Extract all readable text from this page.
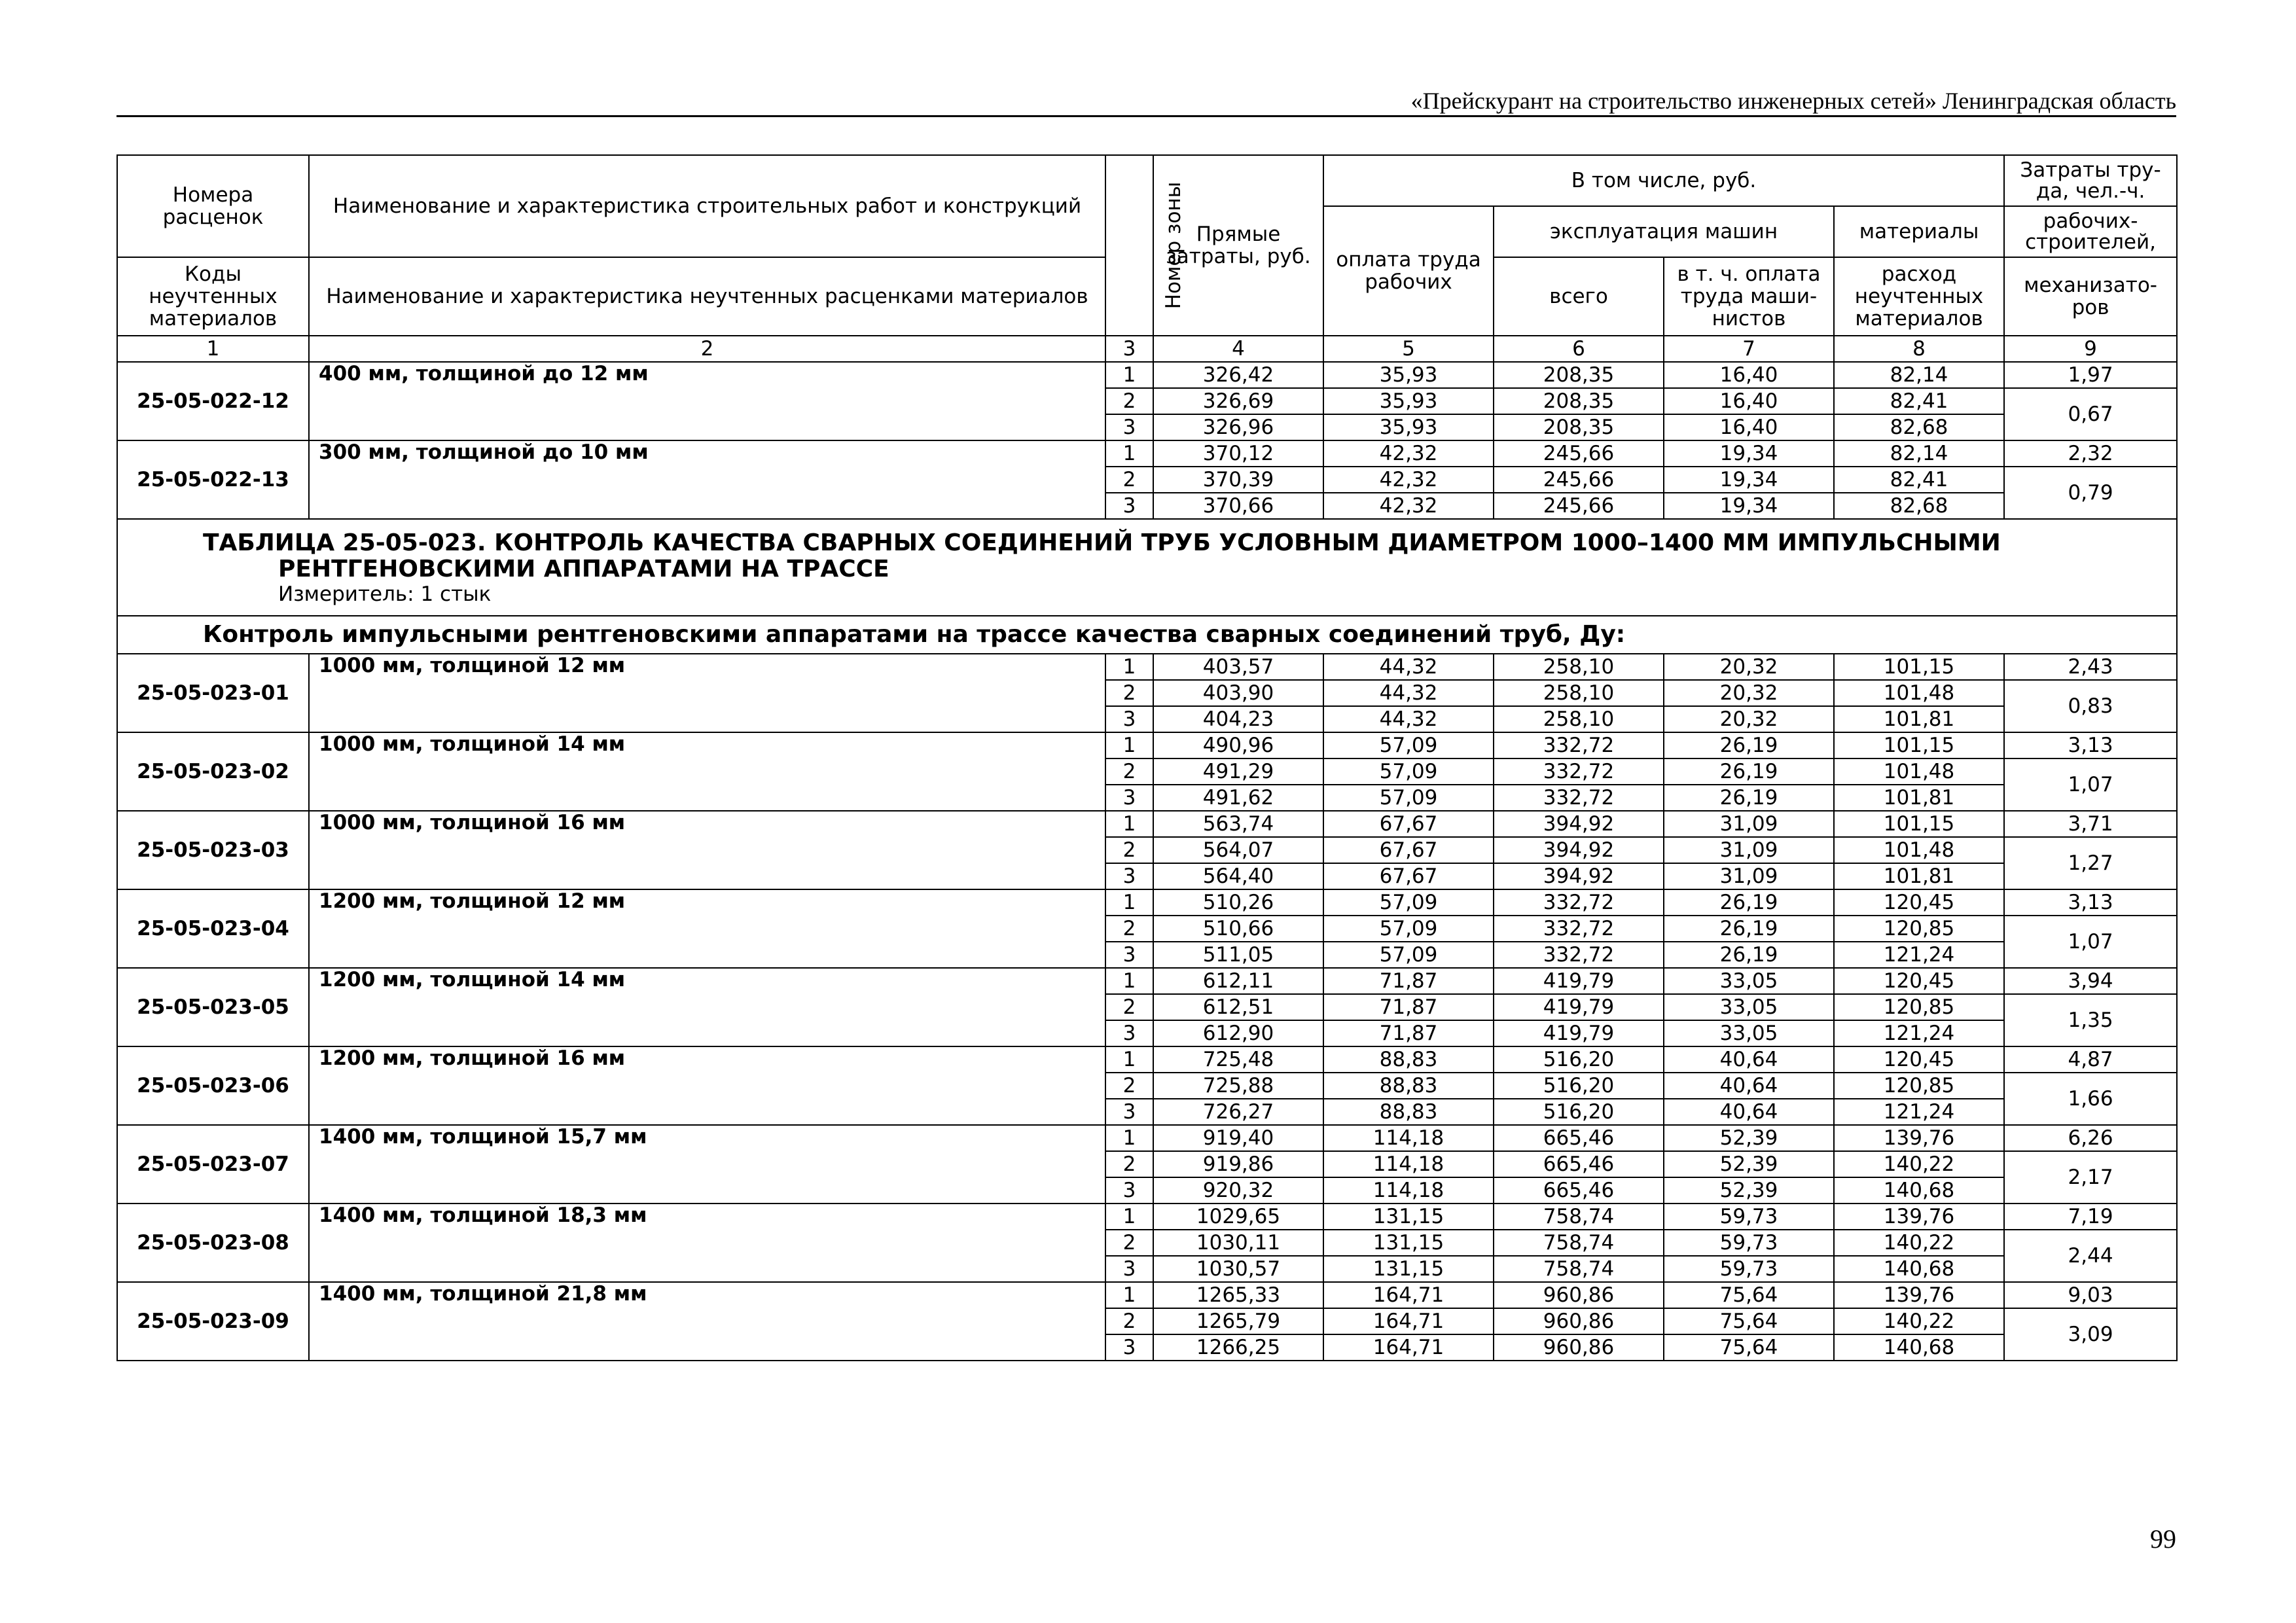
«Прейскурант на строительство инженерных сетей» Ленинградская область
Номера расценок	Наименование и характеристика строительных работ и конструкций	Номер зоны	Прямые затраты, руб.	В том числе, руб.				Затраты тру-да, чел.-ч.
				оплата труда рабочих	эксплуатация машин		материалы	рабочих-строителей,
Коды неучтенных материалов	Наименование и характеристика неучтенных расценками материалов				всего	в т. ч. оплата труда маши-нистов	расход неучтенных материалов	механизато-ров
1	2	3	4	5	6	7	8	9
25-05-022-12	400 мм, толщиной до 12 мм	1	326,42	35,93	208,35	16,40	82,14	1,97
		2	326,69	35,93	208,35	16,40	82,41	0,67
		3	326,96	35,93	208,35	16,40	82,68	
25-05-022-13	300 мм, толщиной до 10 мм	1	370,12	42,32	245,66	19,34	82,14	2,32
		2	370,39	42,32	245,66	19,34	82,41	0,79
		3	370,66	42,32	245,66	19,34	82,68	

ТАБЛИЦА 25-05-023. КОНТРОЛЬ КАЧЕСТВА СВАРНЫХ СОЕДИНЕНИЙ ТРУБ УСЛОВНЫМ ДИАМЕТРОМ 1000–1400 ММ ИМПУЛЬСНЫМИ
РЕНТГЕНОВСКИМИ АППАРАТАМИ НА ТРАССЕ
Измеритель: 1 стык								

Контроль импульсными рентгеновскими аппаратами на трассе качества сварных соединений труб, Ду:								
25-05-023-01	1000 мм, толщиной 12 мм	1	403,57	44,32	258,10	20,32	101,15	2,43
		2	403,90	44,32	258,10	20,32	101,48	0,83
		3	404,23	44,32	258,10	20,32	101,81	
25-05-023-02	1000 мм, толщиной 14 мм	1	490,96	57,09	332,72	26,19	101,15	3,13
		2	491,29	57,09	332,72	26,19	101,48	1,07
		3	491,62	57,09	332,72	26,19	101,81	
25-05-023-03	1000 мм, толщиной 16 мм	1	563,74	67,67	394,92	31,09	101,15	3,71
		2	564,07	67,67	394,92	31,09	101,48	1,27
		3	564,40	67,67	394,92	31,09	101,81	
25-05-023-04	1200 мм, толщиной 12 мм	1	510,26	57,09	332,72	26,19	120,45	3,13
		2	510,66	57,09	332,72	26,19	120,85	1,07
		3	511,05	57,09	332,72	26,19	121,24	
25-05-023-05	1200 мм, толщиной 14 мм	1	612,11	71,87	419,79	33,05	120,45	3,94
		2	612,51	71,87	419,79	33,05	120,85	1,35
		3	612,90	71,87	419,79	33,05	121,24	
25-05-023-06	1200 мм, толщиной 16 мм	1	725,48	88,83	516,20	40,64	120,45	4,87
		2	725,88	88,83	516,20	40,64	120,85	1,66
		3	726,27	88,83	516,20	40,64	121,24	
25-05-023-07	1400 мм, толщиной 15,7 мм	1	919,40	114,18	665,46	52,39	139,76	6,26
		2	919,86	114,18	665,46	52,39	140,22	2,17
		3	920,32	114,18	665,46	52,39	140,68	
25-05-023-08	1400 мм, толщиной 18,3 мм	1	1029,65	131,15	758,74	59,73	139,76	7,19
		2	1030,11	131,15	758,74	59,73	140,22	2,44
		3	1030,57	131,15	758,74	59,73	140,68	
25-05-023-09	1400 мм, толщиной 21,8 мм	1	1265,33	164,71	960,86	75,64	139,76	9,03
		2	1265,79	164,71	960,86	75,64	140,22	3,09
		3	1266,25	164,71	960,86	75,64	140,68	
99
